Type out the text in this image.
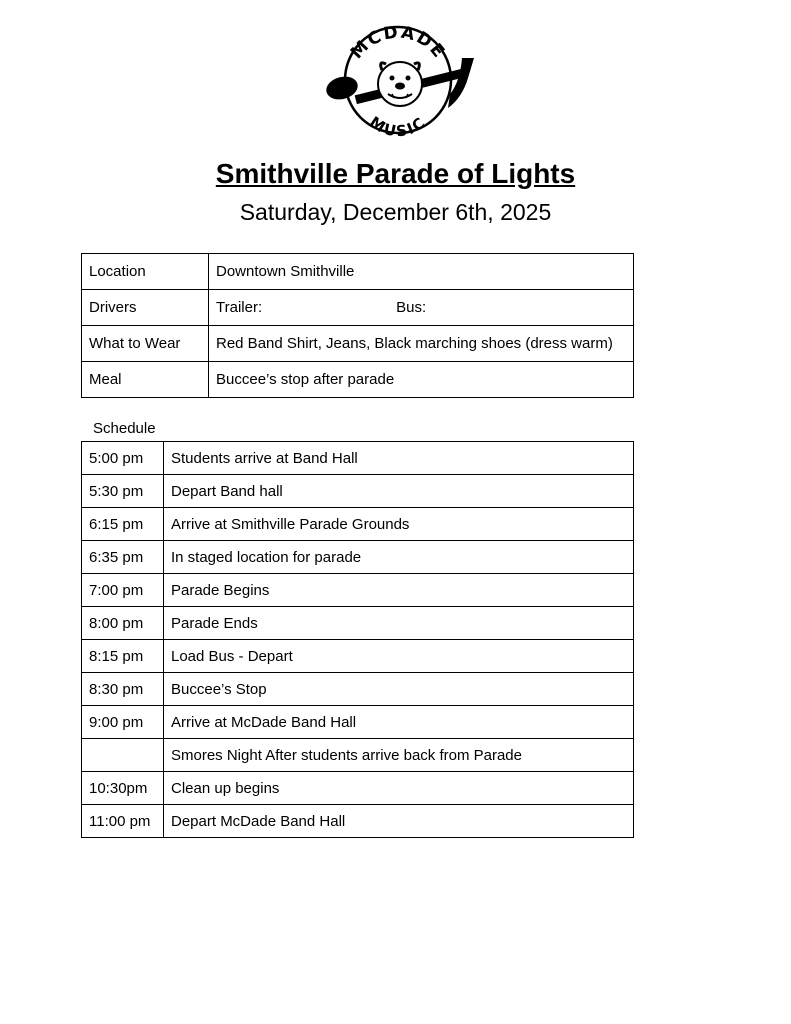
MCDADE
MUSIC
Smithville Parade of Lights
Saturday, December 6th, 2025
Location	Downtown Smithville
Drivers	Trailer: Bus:
What to Wear	Red Band Shirt, Jeans, Black marching shoes (dress warm)
Meal	Buccee’s stop after parade
Schedule
5:00 pm	Students arrive at Band Hall
5:30 pm	Depart Band hall
6:15 pm	Arrive at Smithville Parade Grounds
6:35 pm	In staged location for parade
7:00 pm	Parade Begins
8:00 pm	Parade Ends
8:15 pm	Load Bus - Depart
8:30 pm	Buccee’s Stop
9:00 pm	Arrive at McDade Band Hall
	Smores Night After students arrive back from Parade
10:30pm	Clean up begins
11:00 pm	Depart McDade Band Hall
